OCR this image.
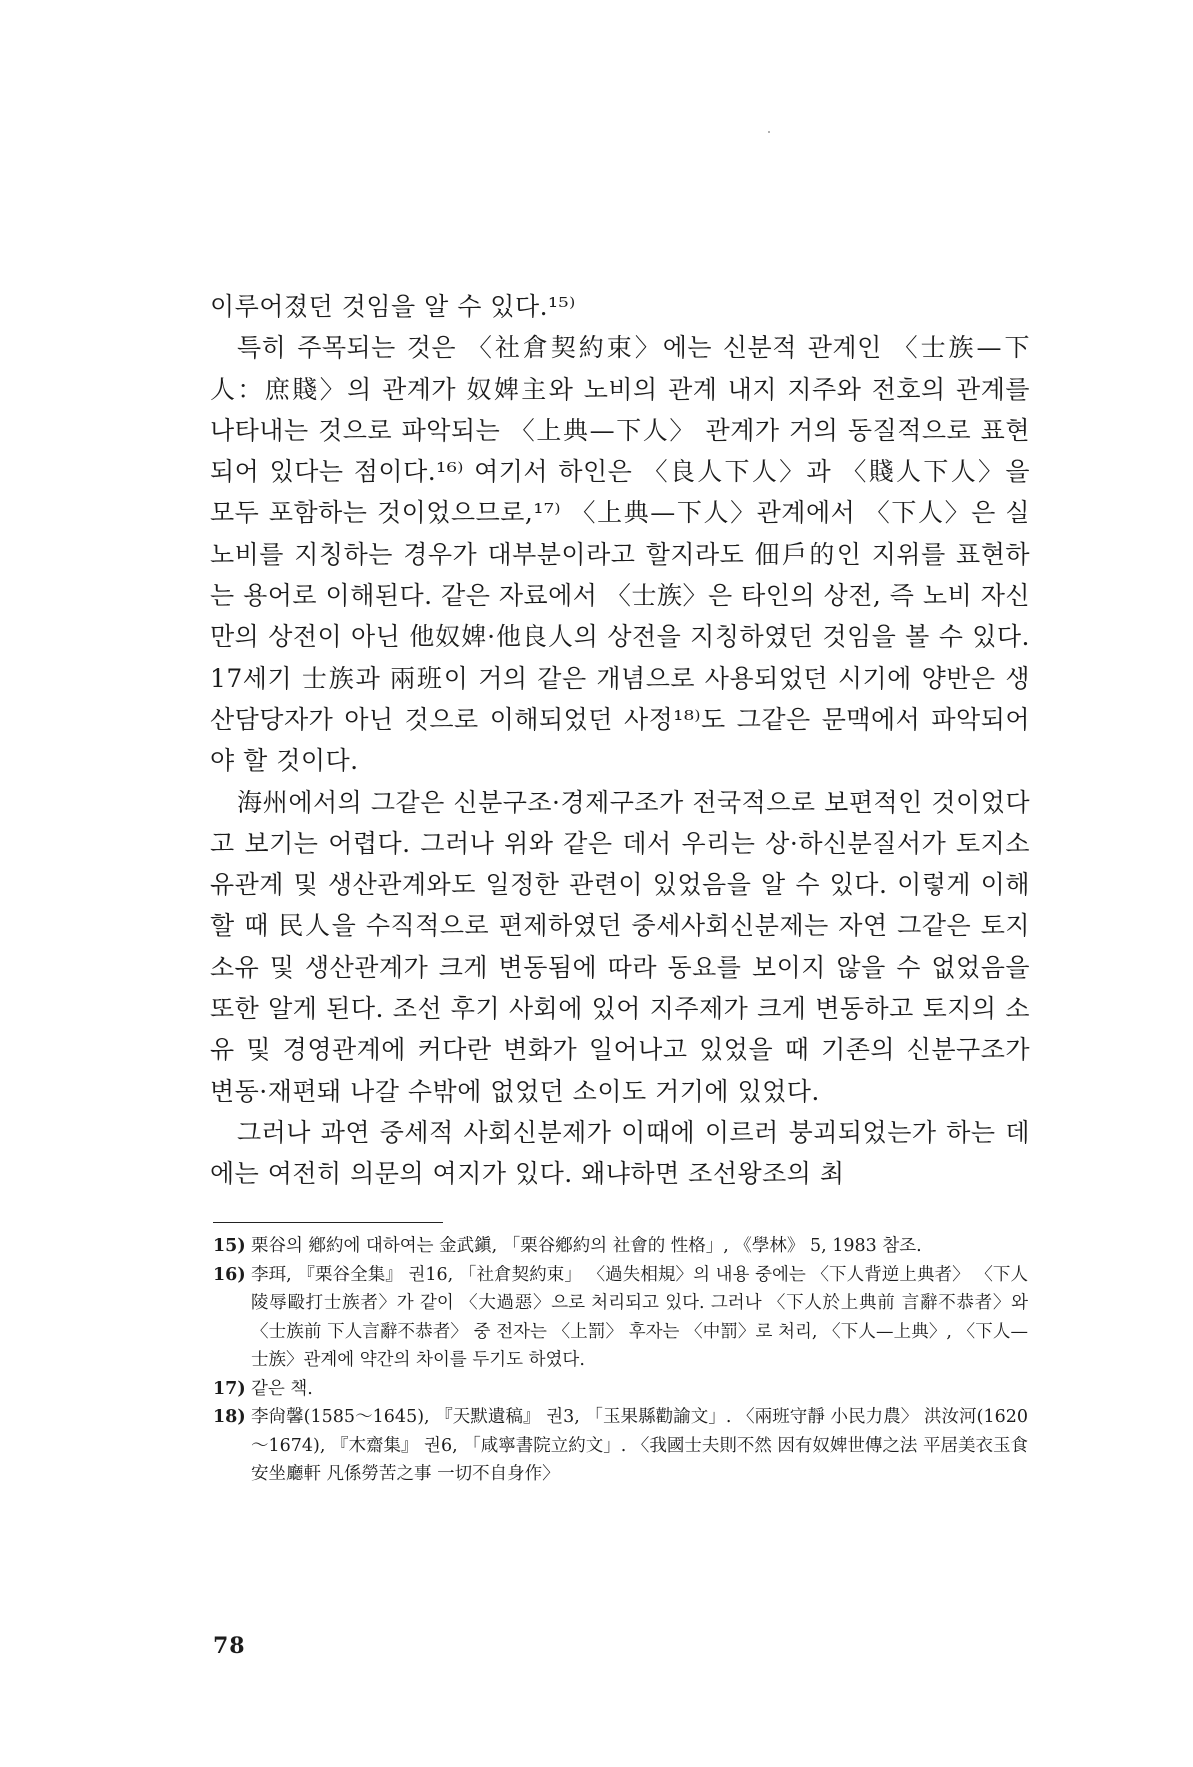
이루어졌던 것임을 알 수 있다.¹⁵⁾

특히 주목되는 것은 〈社倉契約束〉에는 신분적 관계인 〈士族—下人：庶賤〉의 관계가 奴婢主와 노비의 관계 내지 지주와 전호의 관계를 나타내는 것으로 파악되는 〈上典—下人〉 관계가 거의 동질적으로 표현되어 있다는 점이다.¹⁶⁾ 여기서 하인은 〈良人下人〉과 〈賤人下人〉을 모두 포함하는 것이었으므로,¹⁷⁾ 〈上典—下人〉관계에서 〈下人〉은 실 노비를 지칭하는 경우가 대부분이라고 할지라도 佃戶的인 지위를 표현하는 용어로 이해된다. 같은 자료에서 〈士族〉은 타인의 상전, 즉 노비 자신만의 상전이 아닌 他奴婢·他良人의 상전을 지칭하였던 것임을 볼 수 있다. 17세기 士族과 兩班이 거의 같은 개념으로 사용되었던 시기에 양반은 생산담당자가 아닌 것으로 이해되었던 사정¹⁸⁾도 그같은 문맥에서 파악되어야 할 것이다.

海州에서의 그같은 신분구조·경제구조가 전국적으로 보편적인 것이었다고 보기는 어렵다. 그러나 위와 같은 데서 우리는 상·하신분질서가 토지소유관계 및 생산관계와도 일정한 관련이 있었음을 알 수 있다. 이렇게 이해할 때 民人을 수직적으로 편제하였던 중세사회신분제는 자연 그같은 토지소유 및 생산관계가 크게 변동됨에 따라 동요를 보이지 않을 수 없었음을 또한 알게 된다. 조선 후기 사회에 있어 지주제가 크게 변동하고 토지의 소유 및 경영관계에 커다란 변화가 일어나고 있었을 때 기존의 신분구조가 변동·재편돼 나갈 수밖에 없었던 소이도 거기에 있었다.

그러나 과연 중세적 사회신분제가 이때에 이르러 붕괴되었는가 하는 데에는 여전히 의문의 여지가 있다. 왜냐하면 조선왕조의 최

15) 栗谷의 鄕約에 대하여는 金武鎭, 「栗谷鄕約의 社會的 性格」, 《學林》 5, 1983 참조.
16) 李珥, 『栗谷全集』 권16, 「社倉契約束」 〈過失相規〉의 내용 중에는 〈下人背逆上典者〉 〈下人陵辱毆打士族者〉가 같이 〈大過惡〉으로 처리되고 있다. 그러나 〈下人於上典前 言辭不恭者〉와 〈士族前 下人言辭不恭者〉 중 전자는 〈上罰〉 후자는 〈中罰〉로 처리, 〈下人—上典〉, 〈下人—士族〉관계에 약간의 차이를 두기도 하였다.
17) 같은 책.
18) 李尙馨(1585～1645), 『天默遺稿』 권3, 「玉果縣勸諭文」. 〈兩班守靜 小民力農〉 洪汝河(1620～1674), 『木齋集』 권6, 「咸寧書院立約文」. 〈我國士夫則不然 因有奴婢世傳之法 平居美衣玉食安坐廳軒 凡係勞苦之事 一切不自身作〉
78
